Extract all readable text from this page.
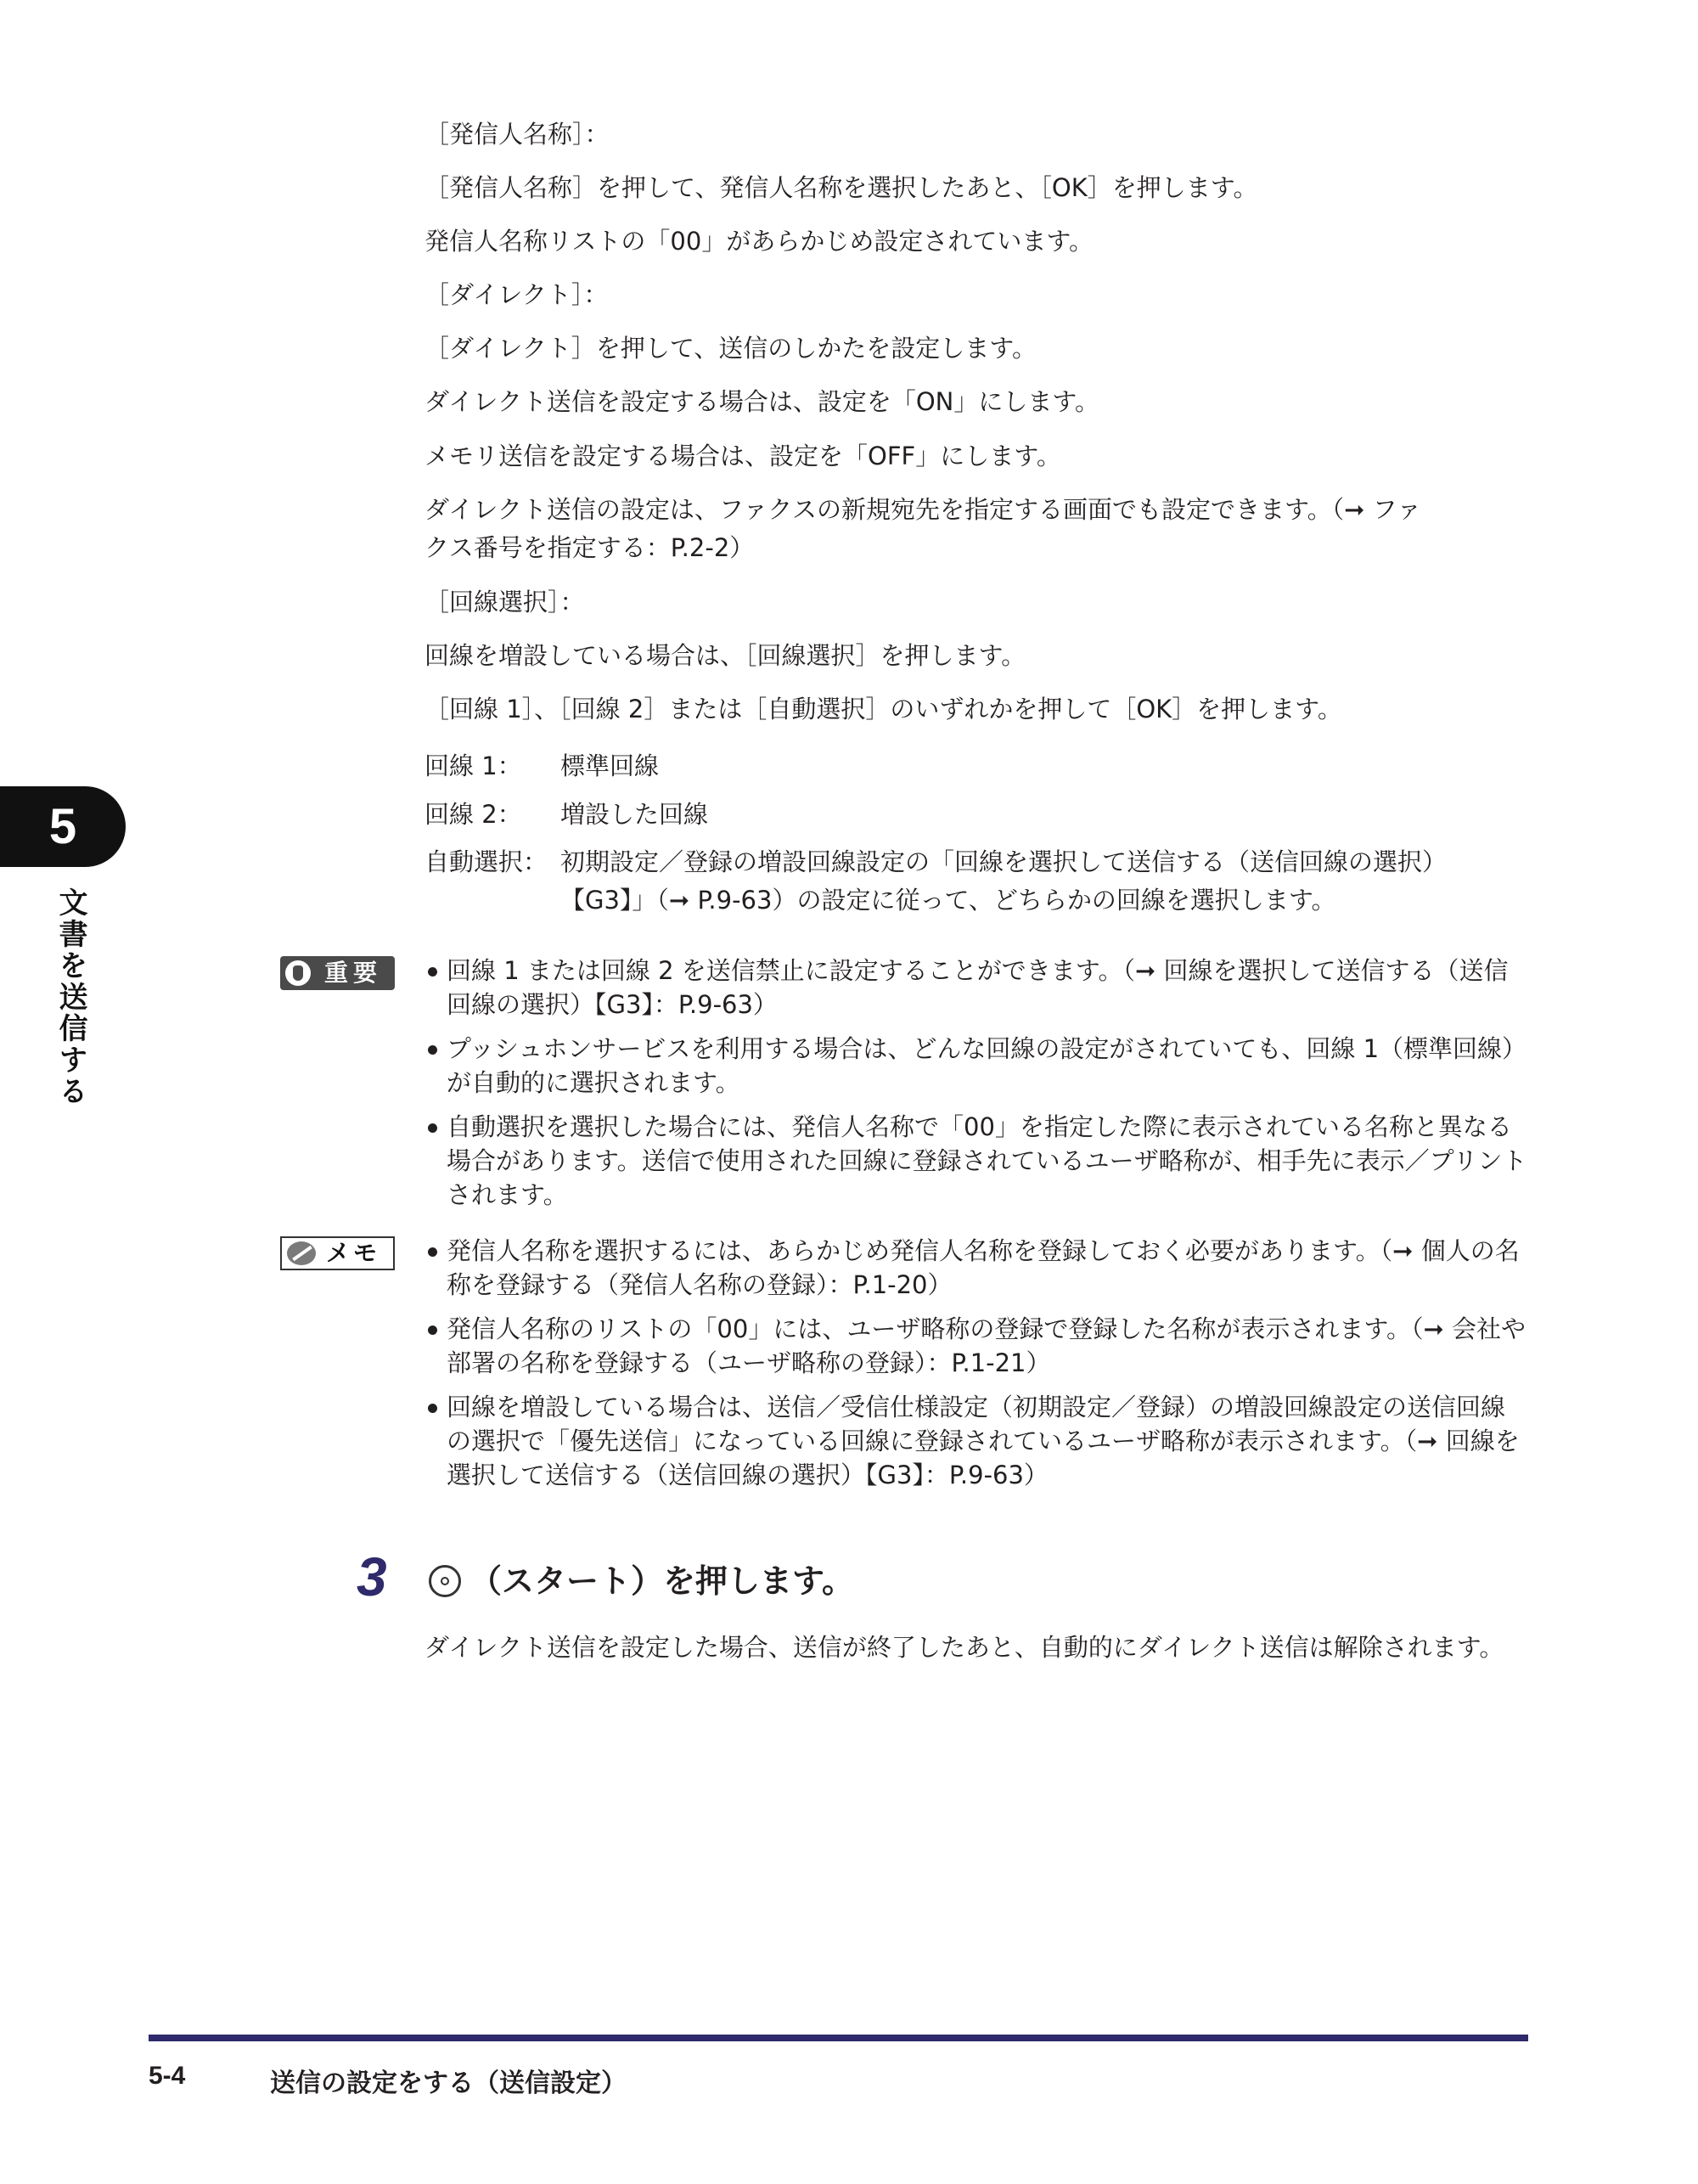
5
文書を送信する

［発信人名称］：

［発信人名称］を押して、発信人名称を選択したあと、［OK］を押します。

発信人名称リストの「00」があらかじめ設定されています。

［ダイレクト］：

［ダイレクト］を押して、送信のしかたを設定します。

ダイレクト送信を設定する場合は、設定を「ON」にします。

メモリ送信を設定する場合は、設定を「OFF」にします。

ダイレクト送信の設定は、ファクスの新規宛先を指定する画面でも設定できます。（➞ ファ

クス番号を指定する：P.2-2）

［回線選択］：

回線を増設している場合は、［回線選択］を押します。

［回線 1］、［回線 2］または［自動選択］のいずれかを押して［OK］を押します。

回線 1： 標準回線
回線 2： 増設した回線
自動選択： 初期設定／登録の増設回線設定の「回線を選択して送信する（送信回線の選択）
【G3】」（➞ P.9-63）の設定に従って、どちらかの回線を選択します。
重要	回線 1 または回線 2 を送信禁止に設定することができます。（➞ 回線を選択して送信する（送信回線の選択）【G3】：P.9-63）
プッシュホンサービスを利用する場合は、どんな回線の設定がされていても、回線 1（標準回線）が自動的に選択されます。
自動選択を選択した場合には、発信人名称で「00」を指定した際に表示されている名称と異なる場合があります。送信で使用された回線に登録されているユーザ略称が、相手先に表示／プリントされます。
メモ	発信人名称を選択するには、あらかじめ発信人名称を登録しておく必要があります。（➞ 個人の名称を登録する（発信人名称の登録）：P.1-20）
発信人名称のリストの「00」には、ユーザ略称の登録で登録した名称が表示されます。（➞ 会社や部署の名称を登録する（ユーザ略称の登録）：P.1-21）
回線を増設している場合は、送信／受信仕様設定（初期設定／登録）の増設回線設定の送信回線の選択で「優先送信」になっている回線に登録されているユーザ略称が表示されます。（➞ 回線を選択して送信する（送信回線の選択）【G3】：P.9-63）
3	（スタート）を押します。

ダイレクト送信を設定した場合、送信が終了したあと、自動的にダイレクト送信は解除されます。

5-4	送信の設定をする（送信設定）
